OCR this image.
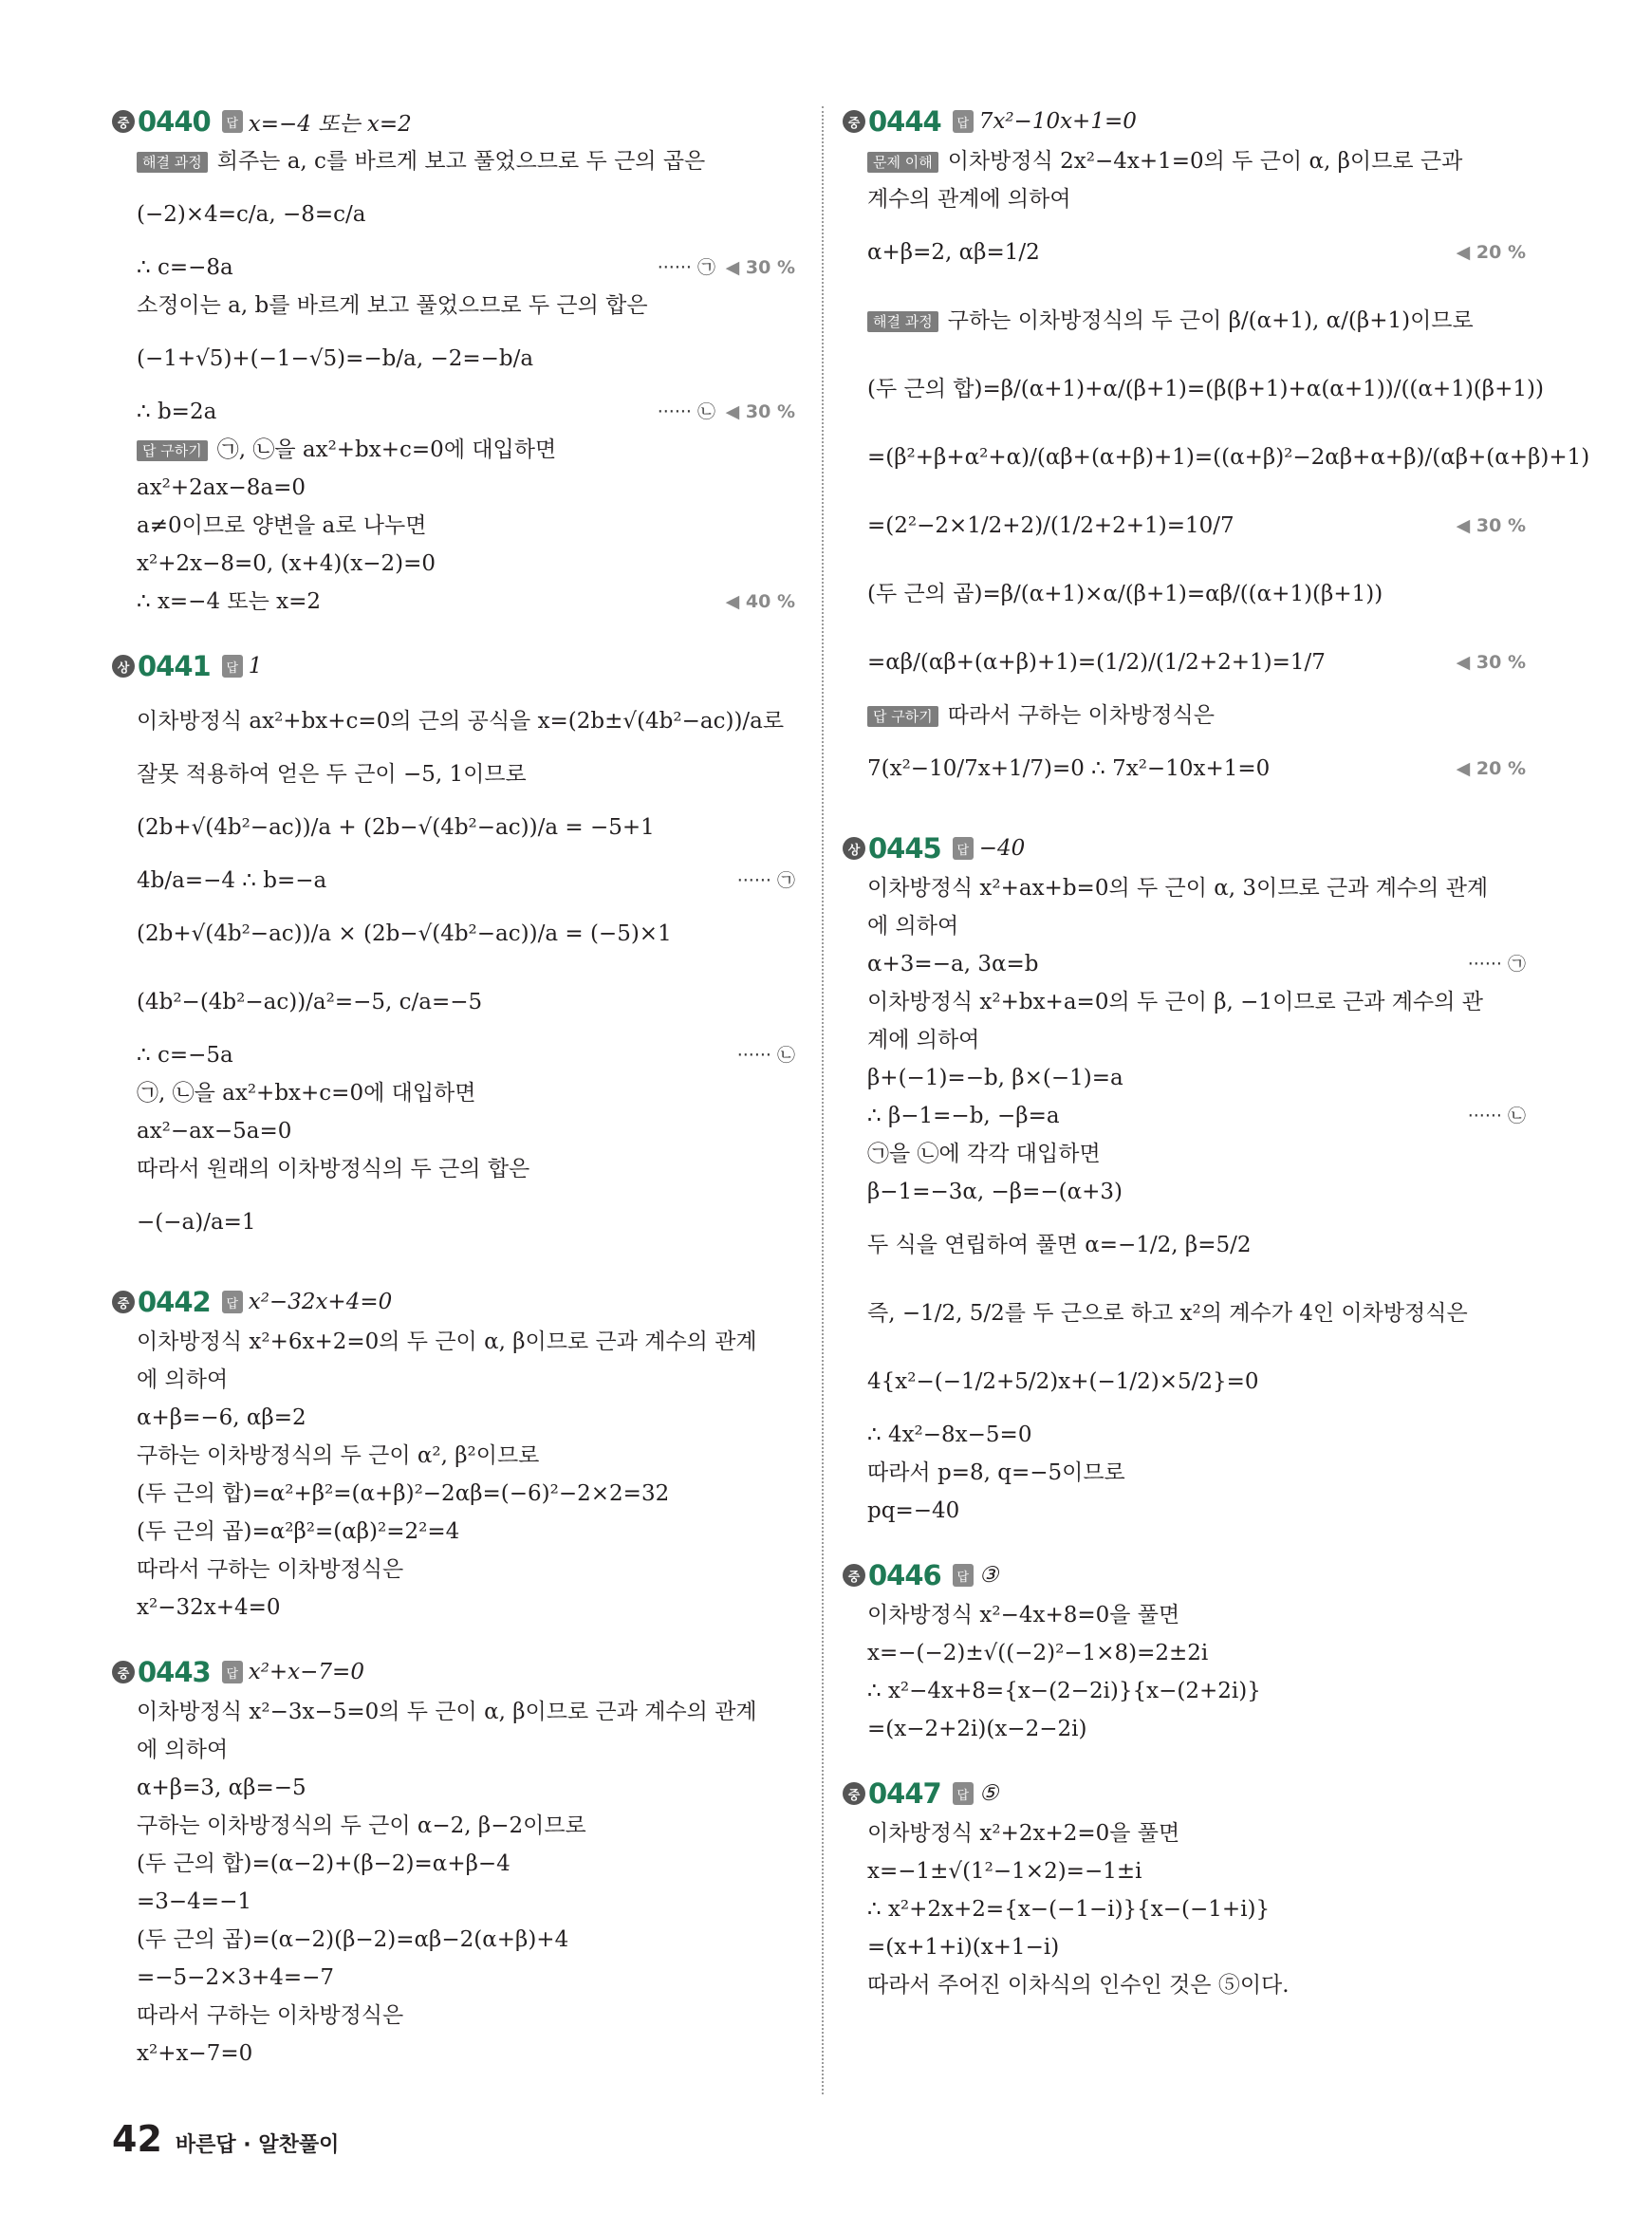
중 0440	답 x=−4 또는 x=2
해결 과정 희주는 a, c를 바르게 보고 풀었으므로 두 근의 곱은
(−2)×4=c/a, −8=c/a
∴ c=−8a	······ ㉠ ◀ 30 %
소정이는 a, b를 바르게 보고 풀었으므로 두 근의 합은
(−1+√5)+(−1−√5)=−b/a, −2=−b/a
∴ b=2a	······ ㉡ ◀ 30 %
답 구하기 ㉠, ㉡을 ax²+bx+c=0에 대입하면
ax²+2ax−8a=0
a≠0이므로 양변을 a로 나누면
x²+2x−8=0, (x+4)(x−2)=0
∴ x=−4 또는 x=2	◀ 40 %
상 0441	답 1
이차방정식 ax²+bx+c=0의 근의 공식을 x=(2b±√(4b²−ac))/a로
잘못 적용하여 얻은 두 근이 −5, 1이므로
(2b+√(4b²−ac))/a + (2b−√(4b²−ac))/a = −5+1
4b/a=−4 ∴ b=−a	······ ㉠
(2b+√(4b²−ac))/a × (2b−√(4b²−ac))/a = (−5)×1
(4b²−(4b²−ac))/a²=−5, c/a=−5
∴ c=−5a	······ ㉡
㉠, ㉡을 ax²+bx+c=0에 대입하면
ax²−ax−5a=0
따라서 원래의 이차방정식의 두 근의 합은
−(−a)/a=1
중 0442	답 x²−32x+4=0
이차방정식 x²+6x+2=0의 두 근이 α, β이므로 근과 계수의 관계
에 의하여
α+β=−6, αβ=2
구하는 이차방정식의 두 근이 α², β²이므로
(두 근의 합)=α²+β²=(α+β)²−2αβ=(−6)²−2×2=32
(두 근의 곱)=α²β²=(αβ)²=2²=4
따라서 구하는 이차방정식은
x²−32x+4=0
중 0443	답 x²+x−7=0
이차방정식 x²−3x−5=0의 두 근이 α, β이므로 근과 계수의 관계
에 의하여
α+β=3, αβ=−5
구하는 이차방정식의 두 근이 α−2, β−2이므로
(두 근의 합)=(α−2)+(β−2)=α+β−4
=3−4=−1
(두 근의 곱)=(α−2)(β−2)=αβ−2(α+β)+4
=−5−2×3+4=−7
따라서 구하는 이차방정식은
x²+x−7=0
중 0444	답 7x²−10x+1=0
문제 이해 이차방정식 2x²−4x+1=0의 두 근이 α, β이므로 근과
계수의 관계에 의하여
α+β=2, αβ=1/2	◀ 20 %
해결 과정 구하는 이차방정식의 두 근이 β/(α+1), α/(β+1)이므로
(두 근의 합)=β/(α+1)+α/(β+1)=(β(β+1)+α(α+1))/((α+1)(β+1))
=(β²+β+α²+α)/(αβ+(α+β)+1)=((α+β)²−2αβ+α+β)/(αβ+(α+β)+1)
=(2²−2×1/2+2)/(1/2+2+1)=10/7	◀ 30 %
(두 근의 곱)=β/(α+1)×α/(β+1)=αβ/((α+1)(β+1))
=αβ/(αβ+(α+β)+1)=(1/2)/(1/2+2+1)=1/7	◀ 30 %
답 구하기 따라서 구하는 이차방정식은
7(x²−10/7x+1/7)=0 ∴ 7x²−10x+1=0	◀ 20 %
상 0445	답 −40
이차방정식 x²+ax+b=0의 두 근이 α, 3이므로 근과 계수의 관계
에 의하여
α+3=−a, 3α=b	······ ㉠
이차방정식 x²+bx+a=0의 두 근이 β, −1이므로 근과 계수의 관
계에 의하여
β+(−1)=−b, β×(−1)=a
∴ β−1=−b, −β=a	······ ㉡
㉠을 ㉡에 각각 대입하면
β−1=−3α, −β=−(α+3)
두 식을 연립하여 풀면 α=−1/2, β=5/2
즉, −1/2, 5/2를 두 근으로 하고 x²의 계수가 4인 이차방정식은
4{x²−(−1/2+5/2)x+(−1/2)×5/2}=0
∴ 4x²−8x−5=0
따라서 p=8, q=−5이므로
pq=−40
중 0446	답 ③
이차방정식 x²−4x+8=0을 풀면
x=−(−2)±√((−2)²−1×8)=2±2i
∴ x²−4x+8={x−(2−2i)}{x−(2+2i)}
=(x−2+2i)(x−2−2i)
중 0447	답 ⑤
이차방정식 x²+2x+2=0을 풀면
x=−1±√(1²−1×2)=−1±i
∴ x²+2x+2={x−(−1−i)}{x−(−1+i)}
=(x+1+i)(x+1−i)
따라서 주어진 이차식의 인수인 것은 ⑤이다.
42 바른답 · 알찬풀이
